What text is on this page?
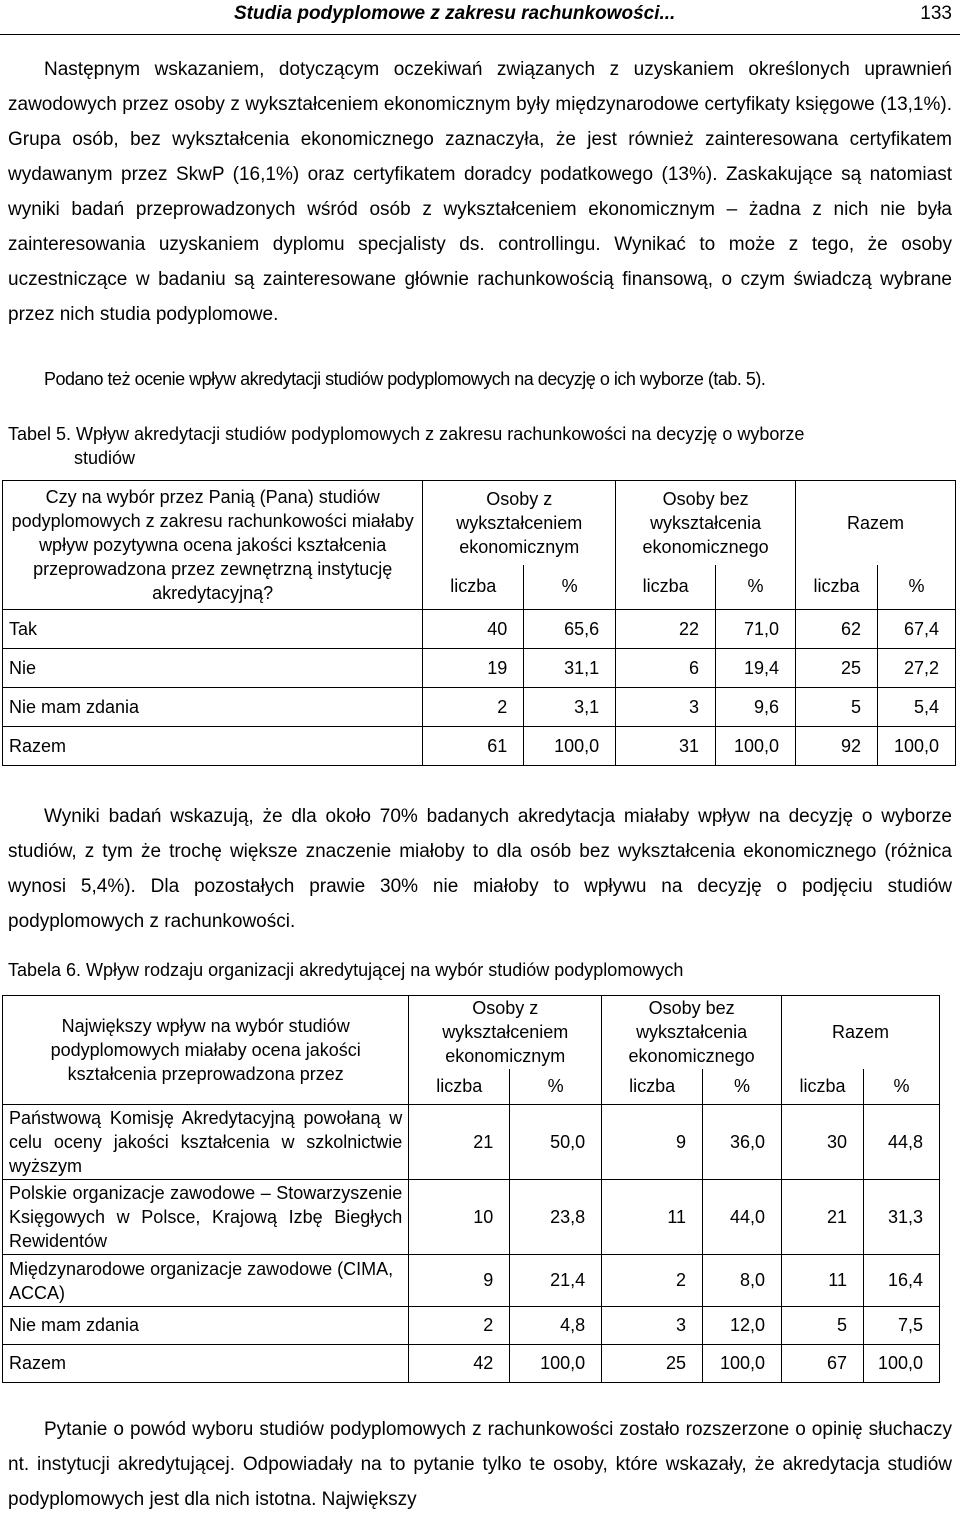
Studia podyplomowe z zakresu rachunkowości...	133

Następnym wskazaniem, dotyczącym oczekiwań związanych z uzyskaniem określonych uprawnień zawodowych przez osoby z wykształceniem ekonomicznym były międzynarodowe certyfikaty księgowe (13,1%). Grupa osób, bez wykształcenia ekonomicznego zaznaczyła, że jest również zainteresowana certyfikatem wydawanym przez SkwP (16,1%) oraz certyfikatem doradcy podatkowego (13%). Zaskakujące są natomiast wyniki badań przeprowadzonych wśród osób z wykształceniem ekonomicznym – żadna z nich nie była zainteresowania uzyskaniem dyplomu specjalisty ds. controllingu. Wynikać to może z tego, że osoby uczestniczące w badaniu są zainteresowane głównie rachunkowością finansową, o czym świadczą wybrane przez nich studia podyplomowe.

Podano też ocenie wpływ akredytacji studiów podyplomowych na decyzję o ich wyborze (tab. 5).
Tabel 5. Wpływ akredytacji studiów podyplomowych z zakresu rachunkowości na decyzję o wyborze
studiów
Czy na wybór przez Panią (Pana) studiów podyplomowych z zakresu rachunkowości miałaby wpływ pozytywna ocena jakości kształcenia przeprowadzona przez zewnętrzną instytucję akredytacyjną?	Osoby z wykształceniem ekonomicznym		Osoby bez wykształcenia ekonomicznego		Razem	
	liczba	%	liczba	%	liczba	%
Tak	40	65,6	22	71,0	62	67,4
Nie	19	31,1	6	19,4	25	27,2
Nie mam zdania	2	3,1	3	9,6	5	5,4
Razem	61	100,0	31	100,0	92	100,0

Wyniki badań wskazują, że dla około 70% badanych akredytacja miałaby wpływ na decyzję o wyborze studiów, z tym że trochę większe znaczenie miałoby to dla osób bez wykształcenia ekonomicznego (różnica wynosi 5,4%). Dla pozostałych prawie 30% nie miałoby to wpływu na decyzję o podjęciu studiów podyplomowych z rachunkowości.

Tabela 6. Wpływ rodzaju organizacji akredytującej na wybór studiów podyplomowych
Największy wpływ na wybór studiów podyplomowych miałaby ocena jakości kształcenia przeprowadzona przez	Osoby z wykształceniem ekonomicznym		Osoby bez wykształcenia ekonomicznego		Razem	
	liczba	%	liczba	%	liczba	%
Państwową Komisję Akredytacyjną powołaną w celu oceny jakości kształcenia w szkolnictwie wyższym	21	50,0	9	36,0	30	44,8
Polskie organizacje zawodowe – Stowarzyszenie Księgowych w Polsce, Krajową Izbę Biegłych Rewidentów	10	23,8	11	44,0	21	31,3
Międzynarodowe organizacje zawodowe (CIMA, ACCA)	9	21,4	2	8,0	11	16,4
Nie mam zdania	2	4,8	3	12,0	5	7,5
Razem	42	100,0	25	100,0	67	100,0

Pytanie o powód wyboru studiów podyplomowych z rachunkowości zostało rozszerzone o opinię słuchaczy nt. instytucji akredytującej. Odpowiadały na to pytanie tylko te osoby, które wskazały, że akredytacja studiów podyplomowych jest dla nich istotna. Największy
